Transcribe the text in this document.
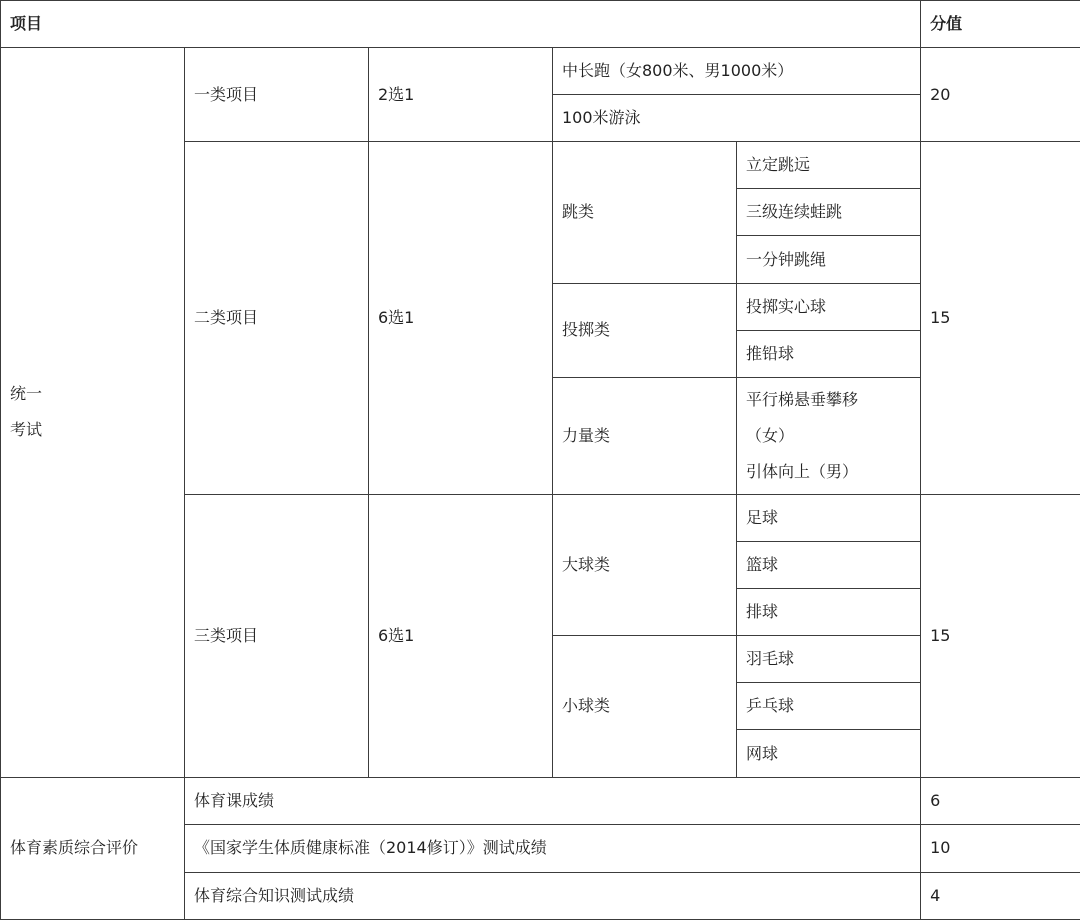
项目					分值

统一
考试	一类项目	2选1	中长跑（女800米、男1000米）		20
			100米游泳		
	二类项目	6选1	跳类	立定跳远	15
				三级连续蛙跳	
				一分钟跳绳	
			投掷类	投掷实心球	
				推铅球	
			力量类	平行梯悬垂攀移
（女）
引体向上（男）	

	三类项目	6选1	大球类	足球	15
				篮球	
				排球	
			小球类	羽毛球	
				乒乓球	
				网球	
体育素质综合评价	体育课成绩				6
	《国家学生体质健康标准（2014修订）》测试成绩				10
	体育综合知识测试成绩				4
